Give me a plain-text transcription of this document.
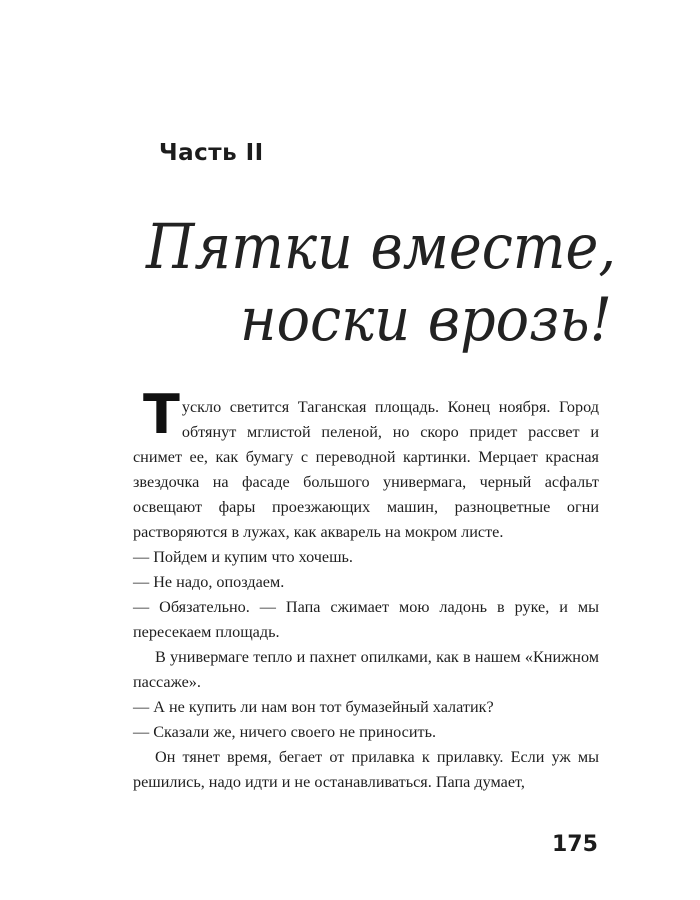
Часть II
Пятки вместе,
носки врозь!

Тускло светится Таганская площадь. Конец ноября. Город обтянут мглистой пеленой, но скоро придет рассвет и снимет ее, как бумагу с переводной картинки. Мерцает красная звездочка на фасаде большого универмага, черный асфальт освещают фары проезжающих машин, разноцветные огни растворяются в лужах, как акварель на мокром листе.

— Пойдем и купим что хочешь.

— Не надо, опоздаем.

— Обязательно. — Папа сжимает мою ладонь в руке, и мы пересекаем площадь.

В универмаге тепло и пахнет опилками, как в нашем «Книжном пассаже».

— А не купить ли нам вон тот бумазейный халатик?

— Сказали же, ничего своего не приносить.

Он тянет время, бегает от прилавка к прилавку. Если уж мы решились, надо идти и не останавливаться. Папа думает,

175
